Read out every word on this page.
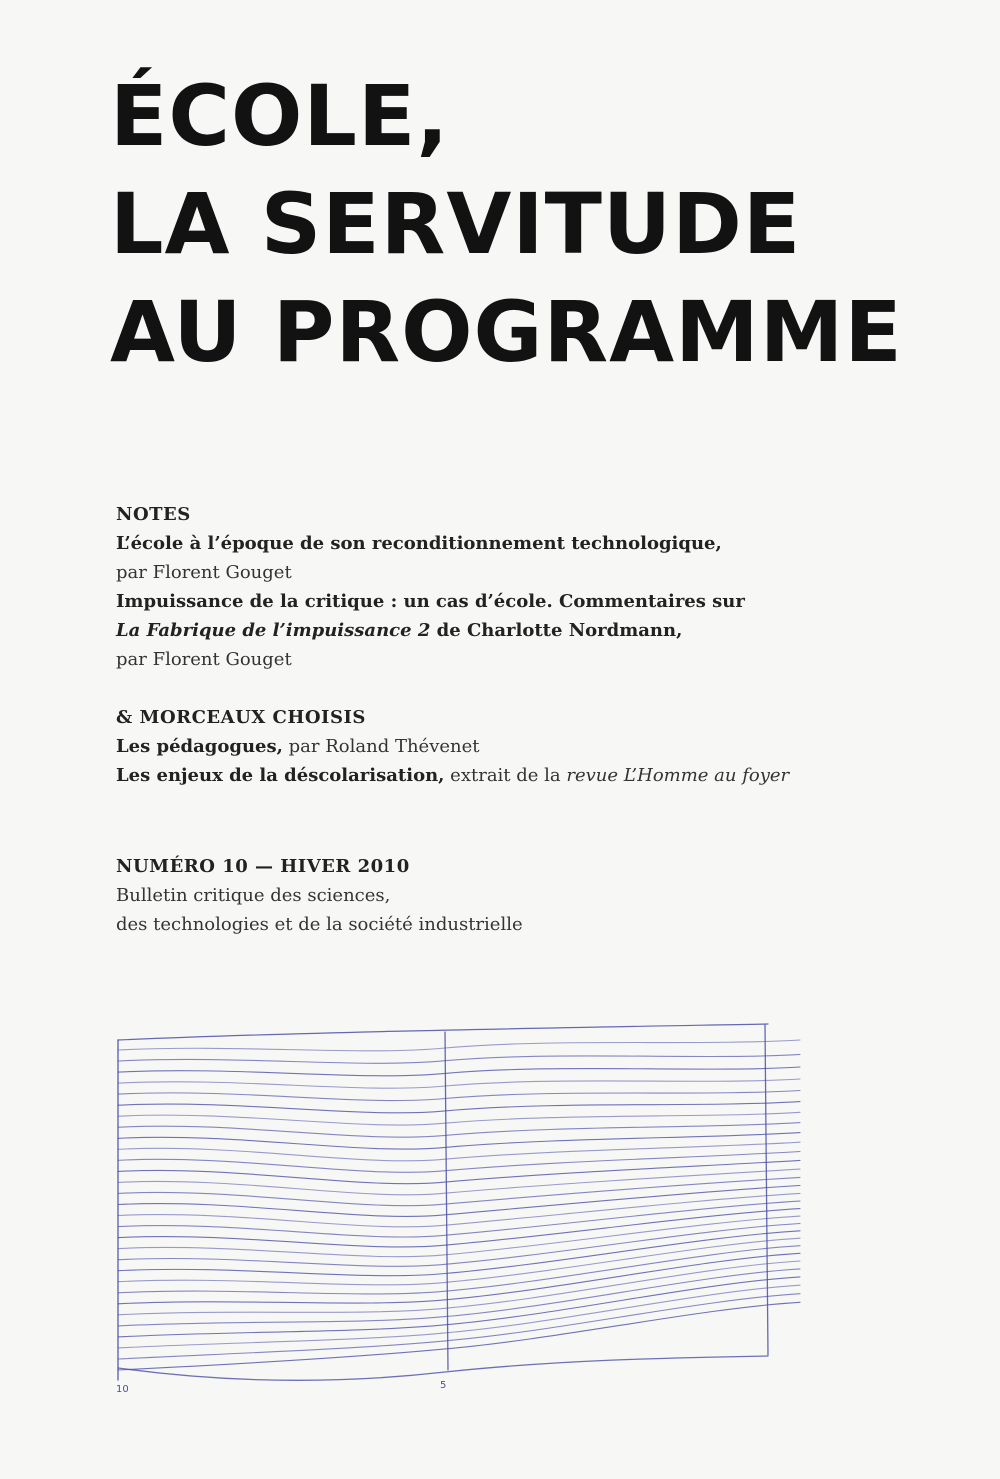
ÉCOLE,
LA SERVITUDE
AU PROGRAMME
NOTES
L’école à l’époque de son reconditionnement technologique,
par Florent Gouget
Impuissance de la critique : un cas d’école. Commentaires sur
La Fabrique de l’impuissance 2 de Charlotte Nordmann,
par Florent Gouget
& MORCEAUX CHOISIS
Les pédagogues, par Roland Thévenet
Les enjeux de la déscolarisation, extrait de la revue L’Homme au foyer
NUMÉRO 10 — HIVER 2010
Bulletin critique des sciences,
des technologies et de la société industrielle
10	5
